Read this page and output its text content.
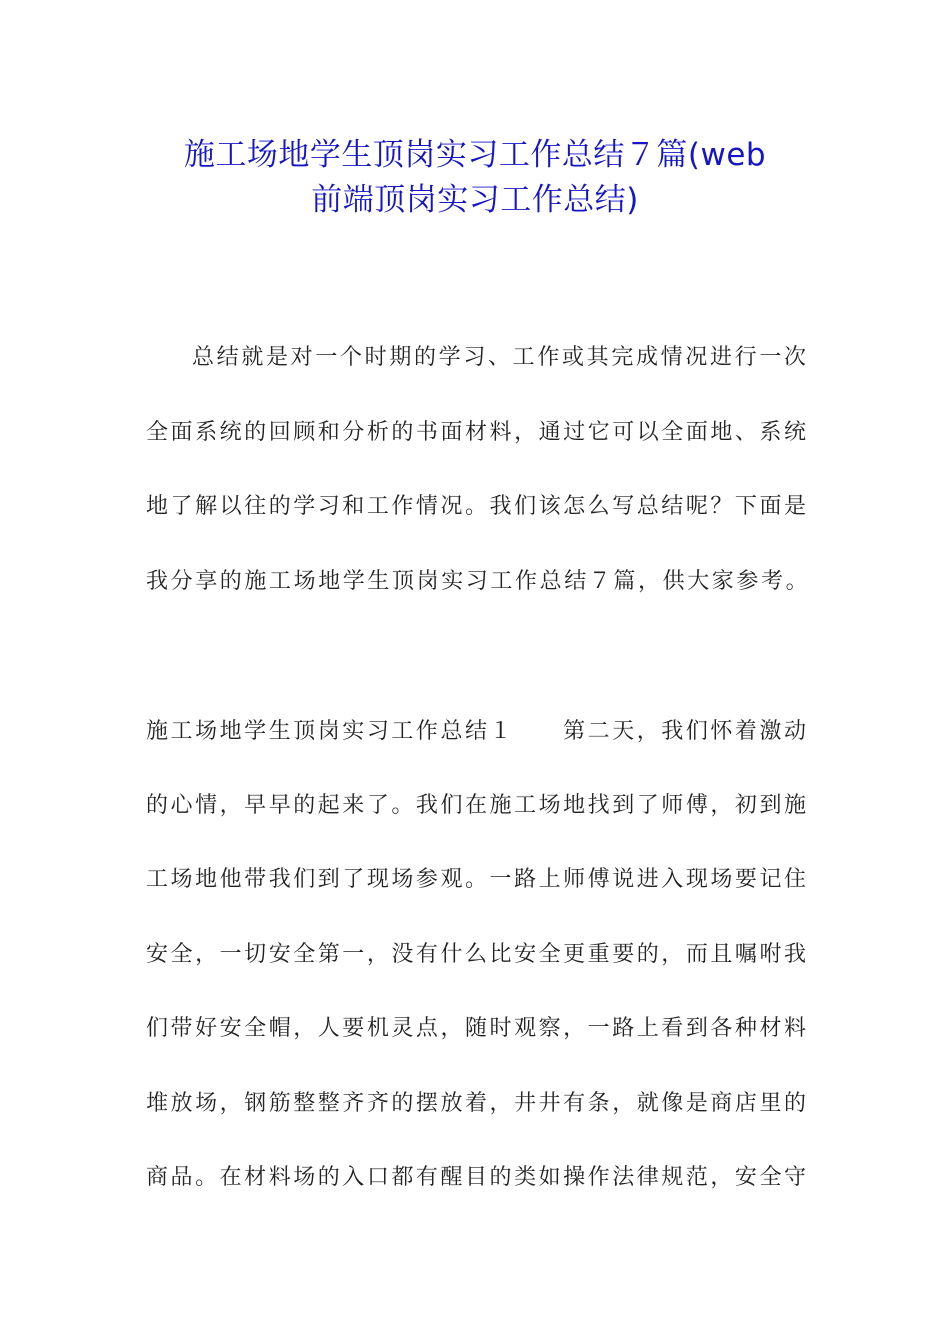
施工场地学生顶岗实习工作总结７篇(web
前端顶岗实习工作总结)
总结就是对一个时期的学习、工作或其完成情况进行一次
全面系统的回顾和分析的书面材料，通过它可以全面地、系统
地了解以往的学习和工作情况。我们该怎么写总结呢？下面是
我分享的施工场地学生顶岗实习工作总结７篇，供大家参考。
施工场地学生顶岗实习工作总结１　　第二天，我们怀着激动
的心情，早早的起来了。我们在施工场地找到了师傅，初到施
工场地他带我们到了现场参观。一路上师傅说进入现场要记住
安全，一切安全第一，没有什么比安全更重要的，而且嘱咐我
们带好安全帽，人要机灵点，随时观察，一路上看到各种材料
堆放场，钢筋整整齐齐的摆放着，井井有条，就像是商店里的
商品。在材料场的入口都有醒目的类如操作法律规范，安全守
